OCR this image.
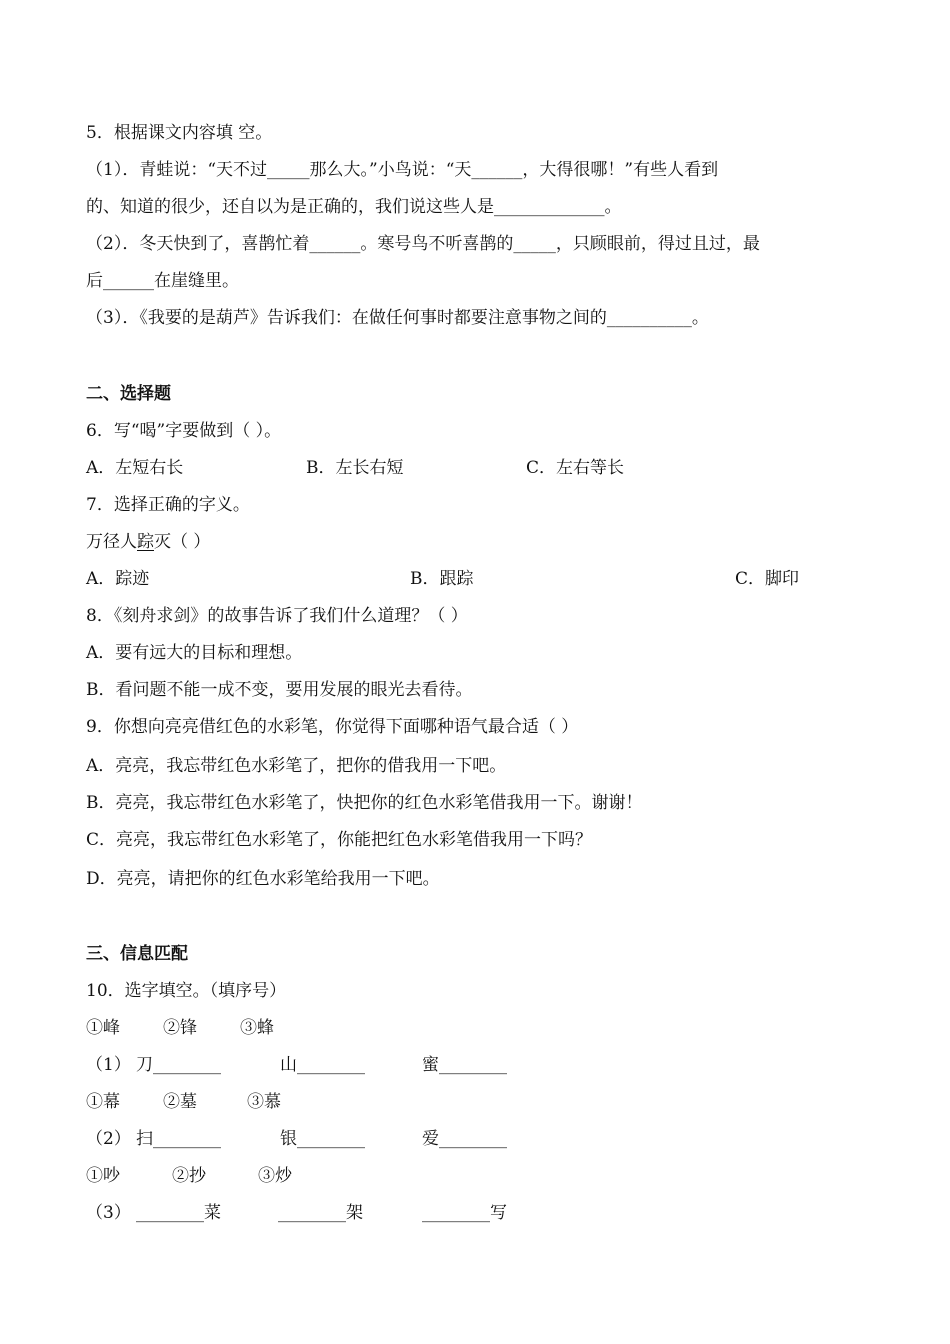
5．根据课文内容填 空。
（1）．青蛙说：“天不过_____那么大。”小鸟说：“天______，大得很哪！”有些人看到
的、知道的很少，还自以为是正确的，我们说这些人是_____________。
（2）．冬天快到了，喜鹊忙着______。寒号鸟不听喜鹊的_____，只顾眼前，得过且过，最
后______在崖缝里。
（3）．《我要的是葫芦》告诉我们：在做任何事时都要注意事物之间的__________。
二、选择题
6．写“喝”字要做到（ ）。
A．左短右长	B．左长右短	C．左右等长
7．选择正确的字义。
万径人踪灭（ ）
A．踪迹	B．跟踪	C．脚印
8．《刻舟求剑》的故事告诉了我们什么道理？（ ）
A．要有远大的目标和理想。
B．看问题不能一成不变，要用发展的眼光去看待。
9．你想向亮亮借红色的水彩笔，你觉得下面哪种语气最合适（ ）
A．亮亮，我忘带红色水彩笔了，把你的借我用一下吧。
B．亮亮，我忘带红色水彩笔了，快把你的红色水彩笔借我用一下。谢谢！
C．亮亮，我忘带红色水彩笔了，你能把红色水彩笔借我用一下吗？
D．亮亮，请把你的红色水彩笔给我用一下吧。
三、信息匹配
10．选字填空。（填序号）
①峰	②锋	③蜂
（1） 刀________	山________	蜜________
①幕	②墓	③慕
（2） 扫________	银________	爱________
①吵	②抄	③炒
（3） ________菜	________架	________写
